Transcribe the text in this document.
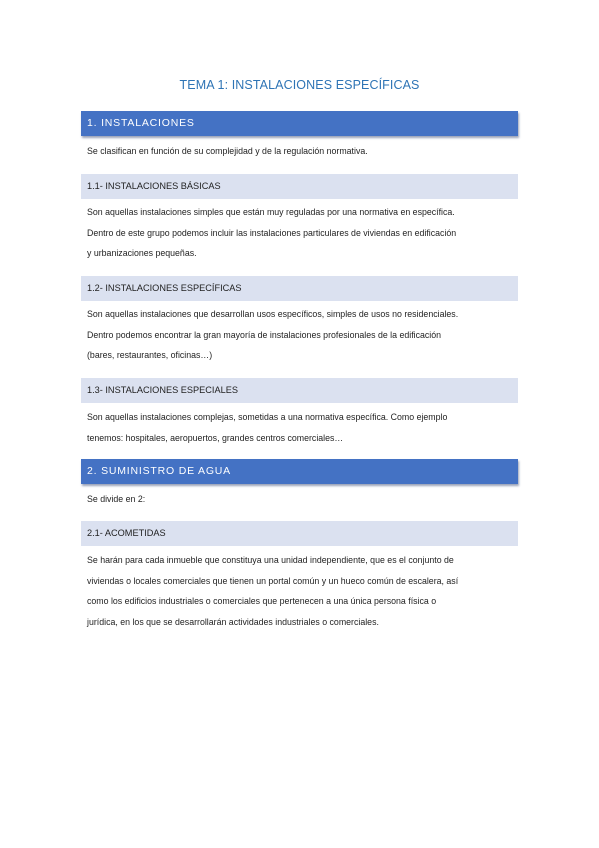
TEMA 1: INSTALACIONES ESPECÍFICAS
1. INSTALACIONES
Se clasifican en función de su complejidad y de la regulación normativa.
1.1- INSTALACIONES BÁSICAS
Son aquellas instalaciones simples que están muy reguladas por una normativa en específica.
Dentro de este grupo podemos incluir las instalaciones particulares de viviendas en edificación
y urbanizaciones pequeñas.
1.2- INSTALACIONES ESPECÍFICAS
Son aquellas instalaciones que desarrollan usos específicos, simples de usos no residenciales.
Dentro podemos encontrar la gran mayoría de instalaciones profesionales de la edificación
(bares, restaurantes, oficinas…)
1.3- INSTALACIONES ESPECIALES
Son aquellas instalaciones complejas, sometidas a una normativa específica. Como ejemplo
tenemos: hospitales, aeropuertos, grandes centros comerciales…
2. SUMINISTRO DE AGUA
Se divide en 2:
2.1- ACOMETIDAS
Se harán para cada inmueble que constituya una unidad independiente, que es el conjunto de
viviendas o locales comerciales que tienen un portal común y un hueco común de escalera, así
como los edificios industriales o comerciales que pertenecen a una única persona física o
jurídica, en los que se desarrollarán actividades industriales o comerciales.
